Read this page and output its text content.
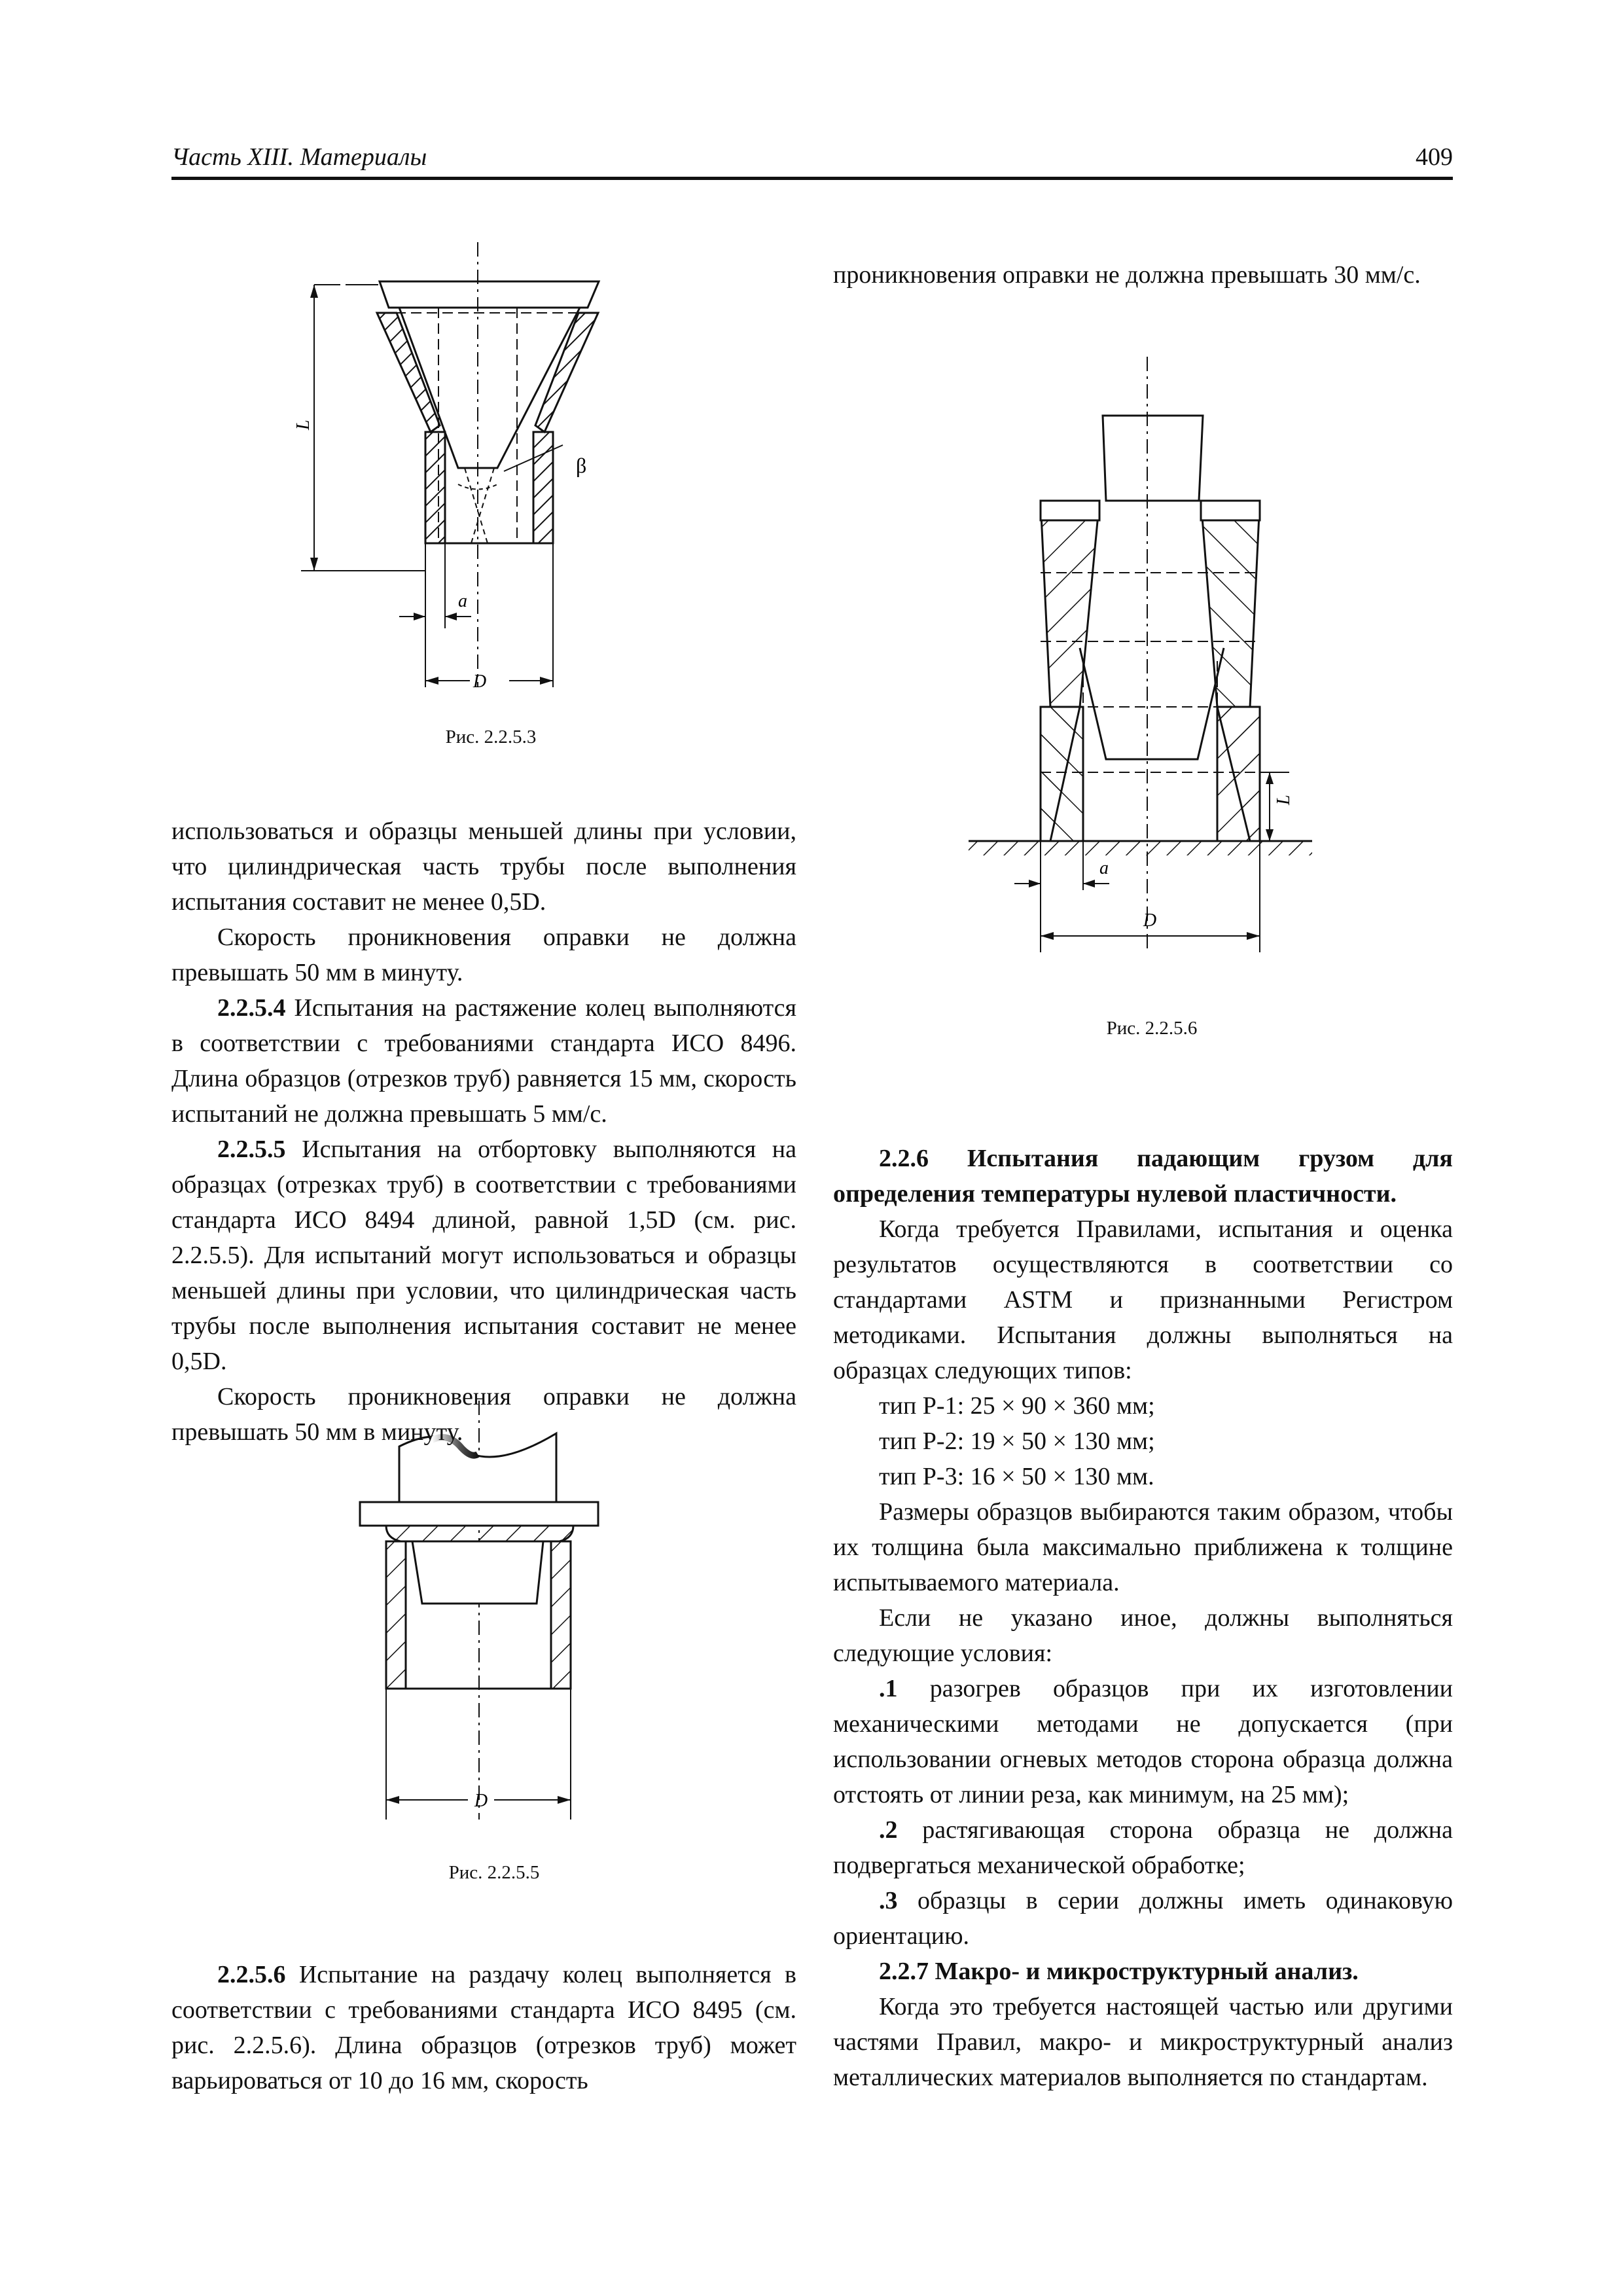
Часть XIII. Материалы	409
β
L
a
D
Рис. 2.2.5.3
L
a
D
Рис. 2.2.5.6
D
Рис. 2.2.5.5

использоваться и образцы меньшей длины при условии, что цилиндрическая часть трубы после выполнения испытания составит не менее 0,5D.

Скорость проникновения оправки не должна превышать 50 мм в минуту.

2.2.5.4 Испытания на растяжение колец выполняются в соответствии с требованиями стандарта ИСО 8496. Длина образцов (отрезков труб) равняется 15 мм, скорость испытаний не должна превышать 5 мм/с.

2.2.5.5 Испытания на отбортовку выполняются на образцах (отрезках труб) в соответствии с требованиями стандарта ИСО 8494 длиной, равной 1,5D (см. рис. 2.2.5.5). Для испытаний могут использоваться и образцы меньшей длины при условии, что цилиндрическая часть трубы после выполнения испытания составит не менее 0,5D.

Скорость проникновения оправки не должна превышать 50 мм в минуту.

2.2.5.6 Испытание на раздачу колец выполняется в соответствии с требованиями стандарта ИСО 8495 (см. рис. 2.2.5.6). Длина образцов (отрезков труб) может варьироваться от 10 до 16 мм, скорость

проникновения оправки не должна превышать 30 мм/с.

2.2.6 Испытания падающим грузом для определения температуры нулевой пластичности.

Когда требуется Правилами, испытания и оценка результатов осуществляются в соответствии со стандартами ASTM и признанными Регистром методиками. Испытания должны выполняться на образцах следующих типов:

тип Р-1: 25 × 90 × 360 мм;

тип Р-2: 19 × 50 × 130 мм;

тип Р-3: 16 × 50 × 130 мм.

Размеры образцов выбираются таким образом, чтобы их толщина была максимально приближена к толщине испытываемого материала.

Если не указано иное, должны выполняться следующие условия:

.1 разогрев образцов при их изготовлении механическими методами не допускается (при использовании огневых методов сторона образца должна отстоять от линии реза, как минимум, на 25 мм);

.2 растягивающая сторона образца не должна подвергаться механической обработке;

.3 образцы в серии должны иметь одинаковую ориентацию.

2.2.7 Макро- и микроструктурный анализ.

Когда это требуется настоящей частью или другими частями Правил, макро- и микроструктурный анализ металлических материалов выполняется по стандартам.
